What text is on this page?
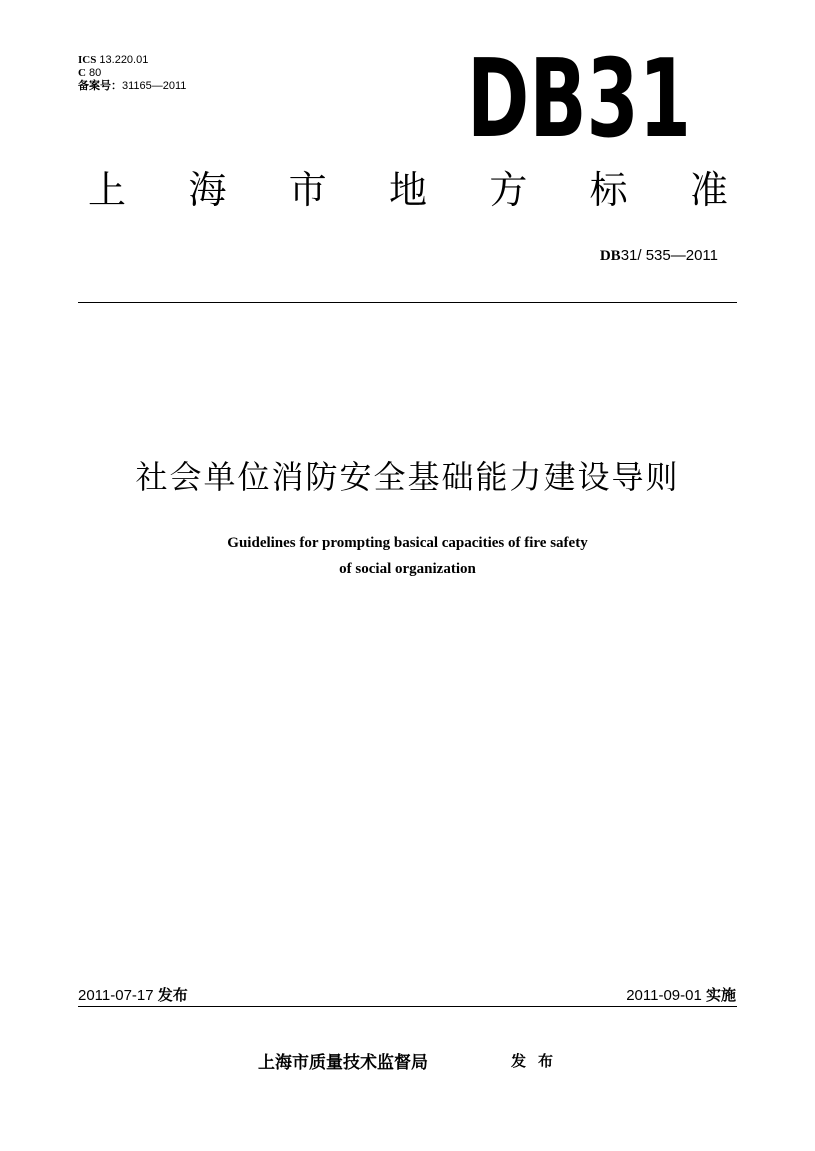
ICS 13.220.01
C 80
备案号：31165—2011	DB31
上 海 市 地 方 标 准
DB31/ 535—2011
社会单位消防安全基础能力建设导则
Guidelines for prompting basical capacities of fire safety
of social organization
2011-07-17 发布	2011-09-01 实施
上海市质量技术监督局	发布
